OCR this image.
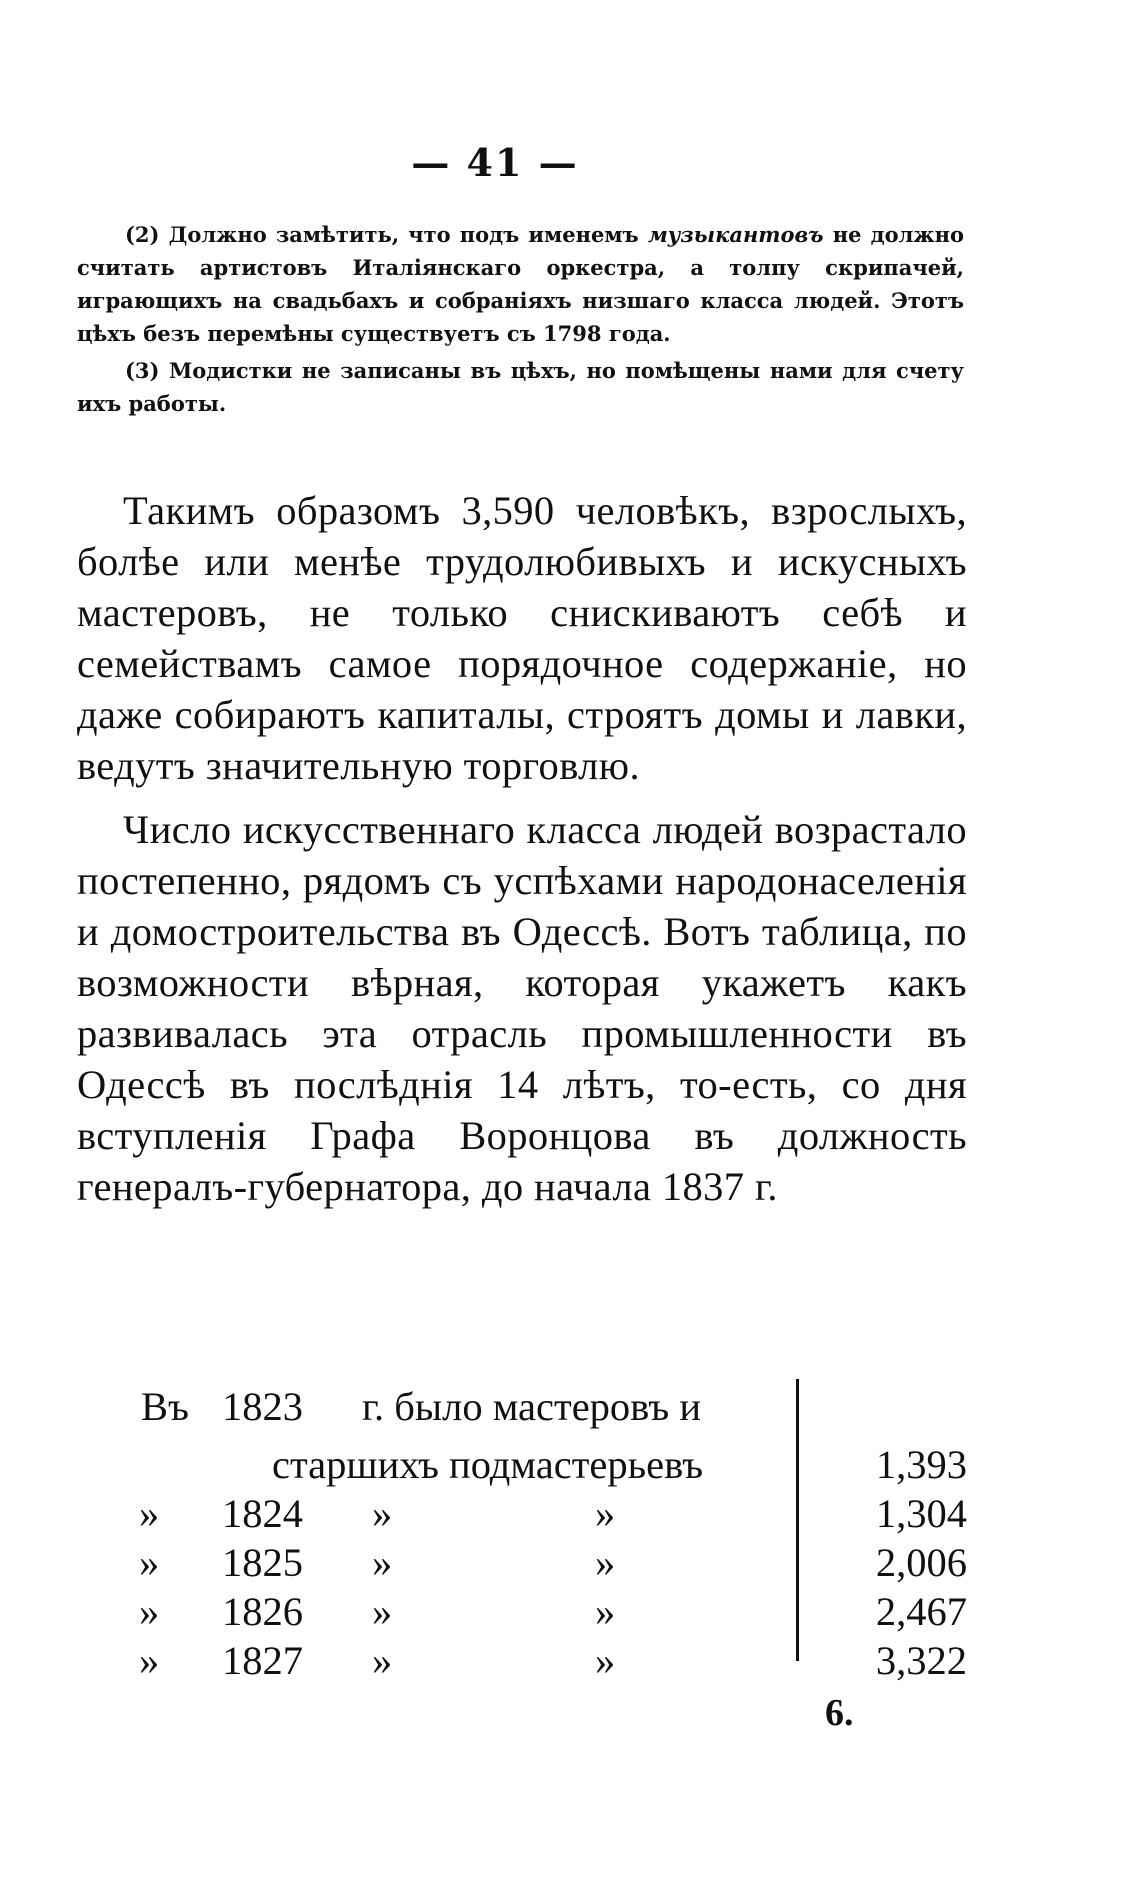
— 41 —

(2) Должно замѣтить, что подъ именемъ музыкантовъ не должно считать артистовъ Италіянскаго оркестра, а толпу скрипачей, играющихъ на свадьбахъ и собраніяхъ низшаго класса людей. Этотъ цѣхъ безъ перемѣны существуетъ съ 1798 года.

(3) Модистки не записаны въ цѣхъ, но помѣщены нами для счету ихъ работы.

Такимъ образомъ 3,590 человѣкъ, взрослыхъ, болѣе или менѣе трудолюбивыхъ и искусныхъ мастеровъ, не только снискиваютъ себѣ и семействамъ самое порядочное содержаніе, но даже собираютъ капиталы, строятъ домы и лавки, ведутъ значительную торговлю.

Число искусственнаго класса людей возрастало постепенно, рядомъ съ успѣхами народонаселенія и домостроительства въ Одессѣ. Вотъ таблица, по возможности вѣрная, которая укажетъ какъ развивалась эта отрасль промышленности въ Одессѣ въ послѣднія 14 лѣтъ, то-есть, со дня вступленія Графа Воронцова въ должность генералъ-губернатора, до начала 1837 г.

Въ 1823 г. было мастеровъ и
старшихъ подмастерьевъ	1,393
» 1824 »	»	1,304
» 1825 »	»	2,006
» 1826 »	»	2,467
» 1827 »	»	3,322
6.
